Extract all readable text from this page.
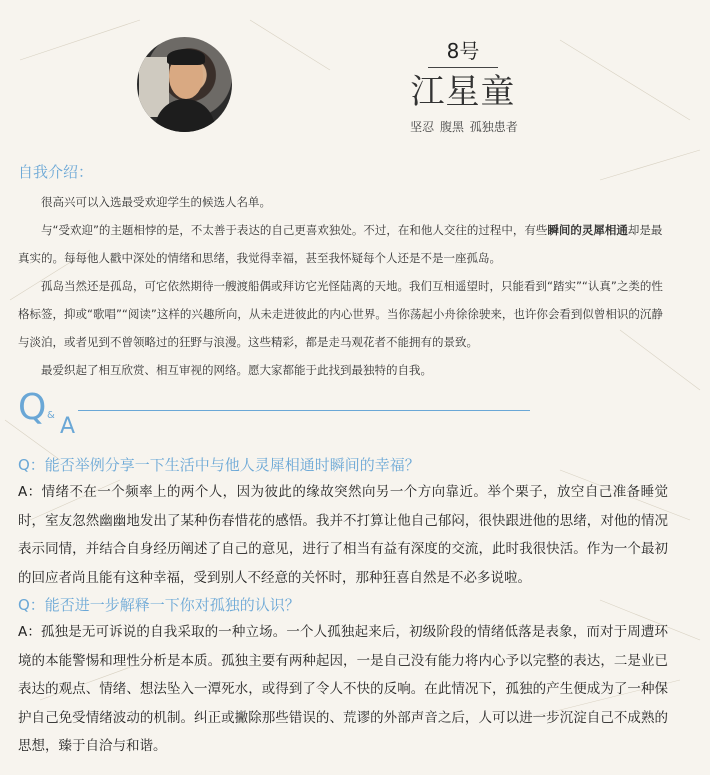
8号
江星童
坚忍 腹黑 孤独患者
自我介绍：

很高兴可以入选最受欢迎学生的候选人名单。

与“受欢迎”的主题相悖的是，不太善于表达的自己更喜欢独处。不过，在和他人交往的过程中，有些瞬间的灵犀相通却是最真实的。每每他人戳中深处的情绪和思绪，我觉得幸福，甚至我怀疑每个人还是不是一座孤岛。

孤岛当然还是孤岛，可它依然期待一艘渡船偶或拜访它光怪陆离的天地。我们互相遥望时，只能看到“踏实”“认真”之类的性格标签，抑或“歌唱”“阅读”这样的兴趣所向，从未走进彼此的内心世界。当你荡起小舟徐徐驶来，也许你会看到似曾相识的沉静与淡泊，或者见到不曾领略过的狂野与浪漫。这些精彩，都是走马观花者不能拥有的景致。

最爱织起了相互欣赏、相互审视的网络。愿大家都能于此找到最独特的自我。

Q & A

Q：能否举例分享一下生活中与他人灵犀相通时瞬间的幸福？

A：情绪不在一个频率上的两个人，因为彼此的缘故突然向另一个方向靠近。举个栗子，放空自己准备睡觉时，室友忽然幽幽地发出了某种伤春惜花的感悟。我并不打算让他自己郁闷，很快跟进他的思绪，对他的情况表示同情，并结合自身经历阐述了自己的意见，进行了相当有益有深度的交流，此时我很快活。作为一个最初的回应者尚且能有这种幸福，受到别人不经意的关怀时，那种狂喜自然是不必多说啦。

Q：能否进一步解释一下你对孤独的认识？

A：孤独是无可诉说的自我采取的一种立场。一个人孤独起来后，初级阶段的情绪低落是表象，而对于周遭环境的本能警惕和理性分析是本质。孤独主要有两种起因，一是自己没有能力将内心予以完整的表达，二是业已表达的观点、情绪、想法坠入一潭死水，或得到了令人不快的反响。在此情况下，孤独的产生便成为了一种保护自己免受情绪波动的机制。纠正或撇除那些错误的、荒谬的外部声音之后，人可以进一步沉淀自己不成熟的思想，臻于自洽与和谐。
